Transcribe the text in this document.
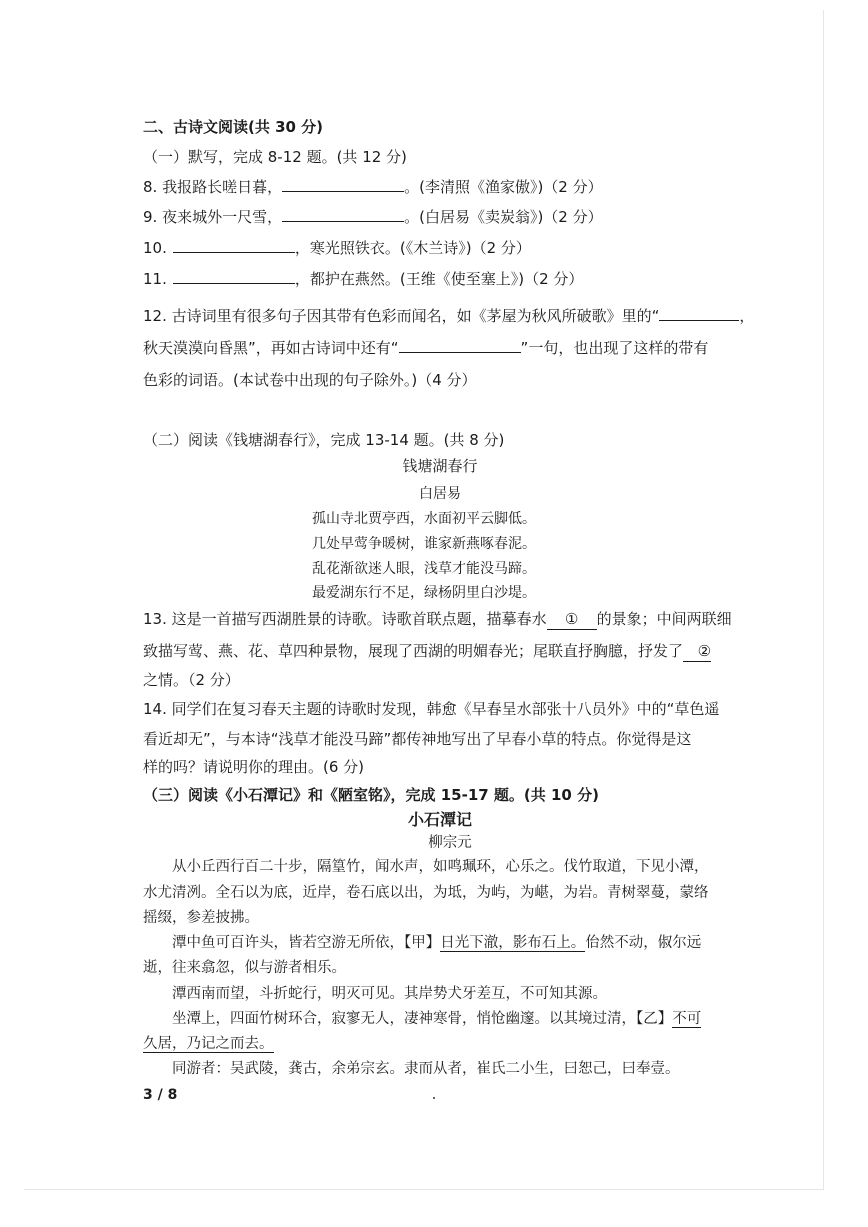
二、古诗文阅读(共 30 分)
（一）默写，完成 8-12 题。(共 12 分)
8. 我报路长嗟日暮，	。(李清照《渔家傲》)（2 分）
9. 夜来城外一尺雪，	。(白居易《卖炭翁》)（2 分）
10.	，寒光照铁衣。(《木兰诗》)（2 分）
11.	，都护在燕然。(王维《使至塞上》)（2 分）
12. 古诗词里有很多句子因其带有色彩而闻名，如《茅屋为秋风所破歌》里的“	，
秋天漠漠向昏黑”，再如古诗词中还有“	”一句，也出现了这样的带有
色彩的词语。(本试卷中出现的句子除外。)（4 分）
（二）阅读《钱塘湖春行》，完成 13-14 题。(共 8 分)
钱塘湖春行
白居易
孤山寺北贾亭西，水面初平云脚低。
几处早莺争暖树，谁家新燕啄春泥。
乱花渐欲迷人眼，浅草才能没马蹄。
最爱湖东行不足，绿杨阴里白沙堤。
13. 这是一首描写西湖胜景的诗歌。诗歌首联点题，描摹春水 ① 的景象；中间两联细
致描写莺、燕、花、草四种景物，展现了西湖的明媚春光；尾联直抒胸臆，抒发了 ②
之情。（2 分）
14. 同学们在复习春天主题的诗歌时发现，韩愈《早春呈水部张十八员外》中的“草色遥
看近却无”，与本诗“浅草才能没马蹄”都传神地写出了早春小草的特点。你觉得是这
样的吗？请说明你的理由。(6 分)
（三）阅读《小石潭记》和《陋室铭》，完成 15-17 题。(共 10 分)
小石潭记
柳宗元
从小丘西行百二十步，隔篁竹，闻水声，如鸣珮环，心乐之。伐竹取道，下见小潭，
水尤清冽。全石以为底，近岸，卷石底以出，为坻，为屿，为嵁，为岩。青树翠蔓，蒙络
摇缀，参差披拂。
潭中鱼可百许头，皆若空游无所依，【甲】日光下澈，影布石上。佁然不动，俶尔远
逝，往来翕忽，似与游者相乐。
潭西南而望，斗折蛇行，明灭可见。其岸势犬牙差互，不可知其源。
坐潭上，四面竹树环合，寂寥无人，凄神寒骨，悄怆幽邃。以其境过清，【乙】不可
久居，乃记之而去。
同游者：吴武陵，龚古，余弟宗玄。隶而从者，崔氏二小生，曰恕己，曰奉壹。
3 / 8
